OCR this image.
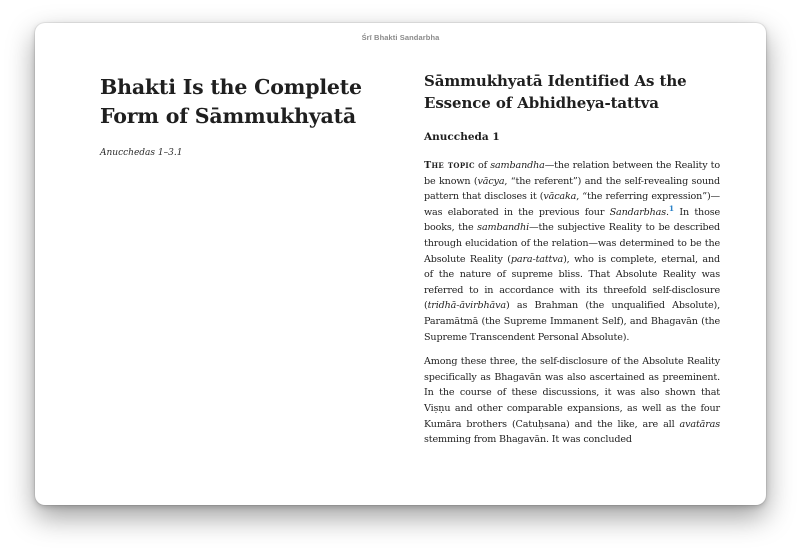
Śrī Bhakti Sandarbha
Bhakti Is the Complete Form of Sāmmukhyatā
Anucchedas 1–3.1
Sāmmukhyatā Identified As the Essence of Abhidheya-tattva
Anuccheda 1

The topic of sambandha—the relation between the Reality to be known (vācya, “the referent”) and the self-revealing sound pattern that discloses it (vācaka, “the referring expression”)—was elaborated in the previous four Sandarbhas.$^1$ In those books, the sambandhi—the subjective Reality to be described through elucidation of the relation—was determined to be the Absolute Reality (para-tattva), who is complete, eternal, and of the nature of supreme bliss. That Absolute Reality was referred to in accordance with its threefold self-disclosure (tridhā-āvirbhāva) as Brahman (the unqualified Absolute), Paramātmā (the Supreme Immanent Self), and Bhagavān (the Supreme Transcendent Personal Absolute).

Among these three, the self-disclosure of the Absolute Reality specifically as Bhagavān was also ascertained as preeminent. In the course of these discussions, it was also shown that Viṣṇu and other comparable expansions, as well as the four Kumāra brothers (Catuḥsana) and the like, are all avatāras stemming from Bhagavān. It was concluded
